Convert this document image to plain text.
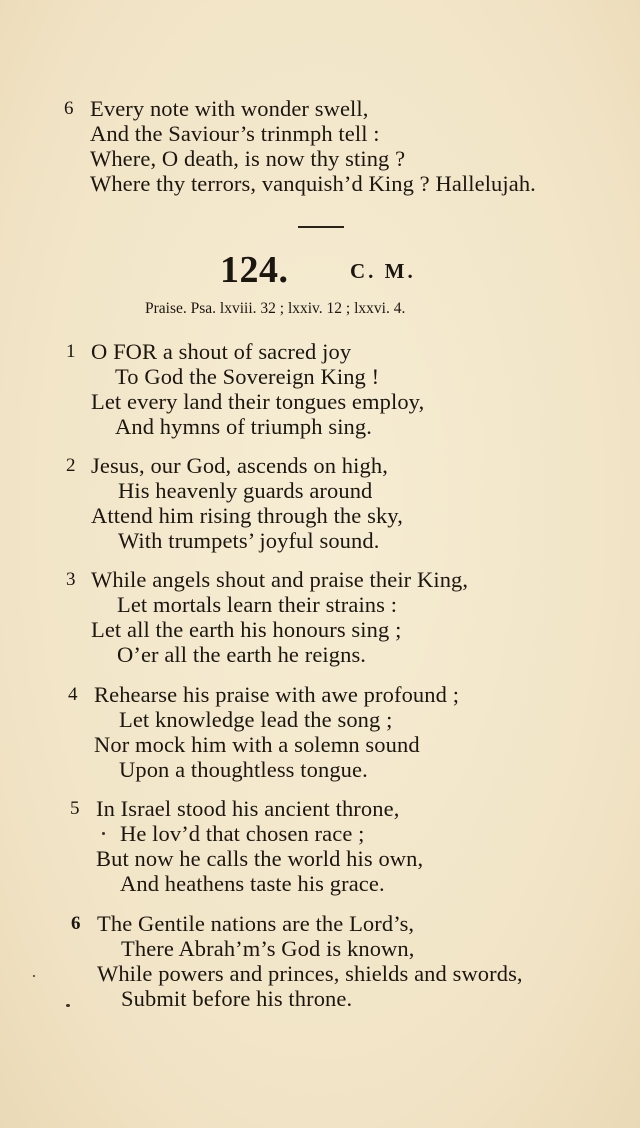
6 Every note with wonder swell,
And the Saviour’s trinmph tell :
Where, O death, is now thy sting ?
Where thy terrors, vanquish’d King ? Hallelujah.
124.	C. M.
Praise. Psa. lxviii. 32 ; lxxiv. 12 ; lxxvi. 4.
1 O FOR a shout of sacred joy
To God the Sovereign King !
Let every land their tongues employ,
And hymns of triumph sing.
2 Jesus, our God, ascends on high,
His heavenly guards around
Attend him rising through the sky,
With trumpets’ joyful sound.
3 While angels shout and praise their King,
Let mortals learn their strains :
Let all the earth his honours sing ;
O’er all the earth he reigns.
4 Rehearse his praise with awe profound ;
Let knowledge lead the song ;
Nor mock him with a solemn sound
Upon a thoughtless tongue.
5 In Israel stood his ancient throne,
He lov’d that chosen race ;
But now he calls the world his own,
And heathens taste his grace.
6 The Gentile nations are the Lord’s,
There Abrah’m’s God is known,
While powers and princes, shields and swords,
Submit before his throne.
